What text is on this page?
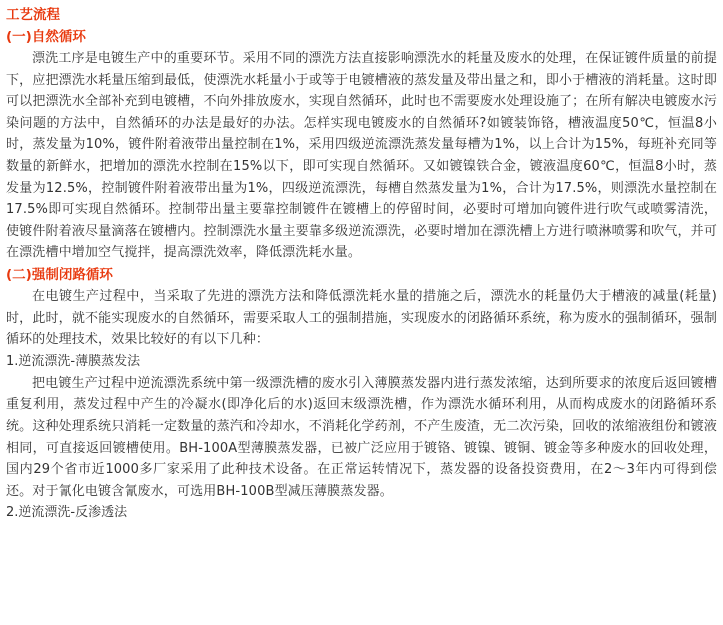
工艺流程

(一)自然循环

漂洗工序是电镀生产中的重要环节。采用不同的漂洗方法直接影响漂洗水的耗量及废水的处理，在保证镀件质量的前提下，应把漂洗水耗量压缩到最低，使漂洗水耗量小于或等于电镀槽液的蒸发量及带出量之和，即小于槽液的消耗量。这时即可以把漂洗水全部补充到电镀槽，不向外排放废水，实现自然循环，此时也不需要废水处理设施了；在所有解决电镀废水污染问题的方法中，自然循环的办法是最好的办法。怎样实现电镀废水的自然循环?如镀装饰铬，槽液温度50℃，恒温8小时，蒸发量为10%，镀件附着液带出量控制在1%，采用四级逆流漂洗蒸发量每槽为1%，以上合计为15%，每班补充同等数量的新鲜水，把增加的漂洗水控制在15%以下，即可实现自然循环。又如镀镍铁合金，镀液温度60℃，恒温8小时，蒸发量为12.5%，控制镀件附着液带出量为1%，四级逆流漂洗，每槽自然蒸发量为1%，合计为17.5%，则漂洗水量控制在17.5%即可实现自然循环。控制带出量主要靠控制镀件在镀槽上的停留时间，必要时可增加向镀件进行吹气或喷雾清洗，使镀件附着液尽量滴落在镀槽内。控制漂洗水量主要靠多级逆流漂洗，必要时增加在漂洗槽上方进行喷淋喷雾和吹气，并可在漂洗槽中增加空气搅拌，提高漂洗效率，降低漂洗耗水量。

(二)强制闭路循环

在电镀生产过程中，当采取了先进的漂洗方法和降低漂洗耗水量的措施之后，漂洗水的耗量仍大于槽液的减量(耗量)时，此时，就不能实现废水的自然循环，需要采取人工的强制措施，实现废水的闭路循环系统，称为废水的强制循环，强制循环的处理技术，效果比较好的有以下几种：

1.逆流漂洗-薄膜蒸发法

把电镀生产过程中逆流漂洗系统中第一级漂洗槽的废水引入薄膜蒸发器内进行蒸发浓缩，达到所要求的浓度后返回镀槽重复利用，蒸发过程中产生的冷凝水(即净化后的水)返回末级漂洗槽，作为漂洗水循环利用，从而构成废水的闭路循环系统。这种处理系统只消耗一定数量的蒸汽和冷却水，不消耗化学药剂，不产生废渣，无二次污染，回收的浓缩液组份和镀液相同，可直接返回镀槽使用。BH-100A型薄膜蒸发器，已被广泛应用于镀铬、镀镍、镀铜、镀金等多种废水的回收处理，国内29个省市近1000多厂家采用了此种技术设备。在正常运转情况下，蒸发器的设备投资费用，在2～3年内可得到偿还。对于氰化电镀含氰废水，可选用BH-100B型减压薄膜蒸发器。

2.逆流漂洗-反渗透法
